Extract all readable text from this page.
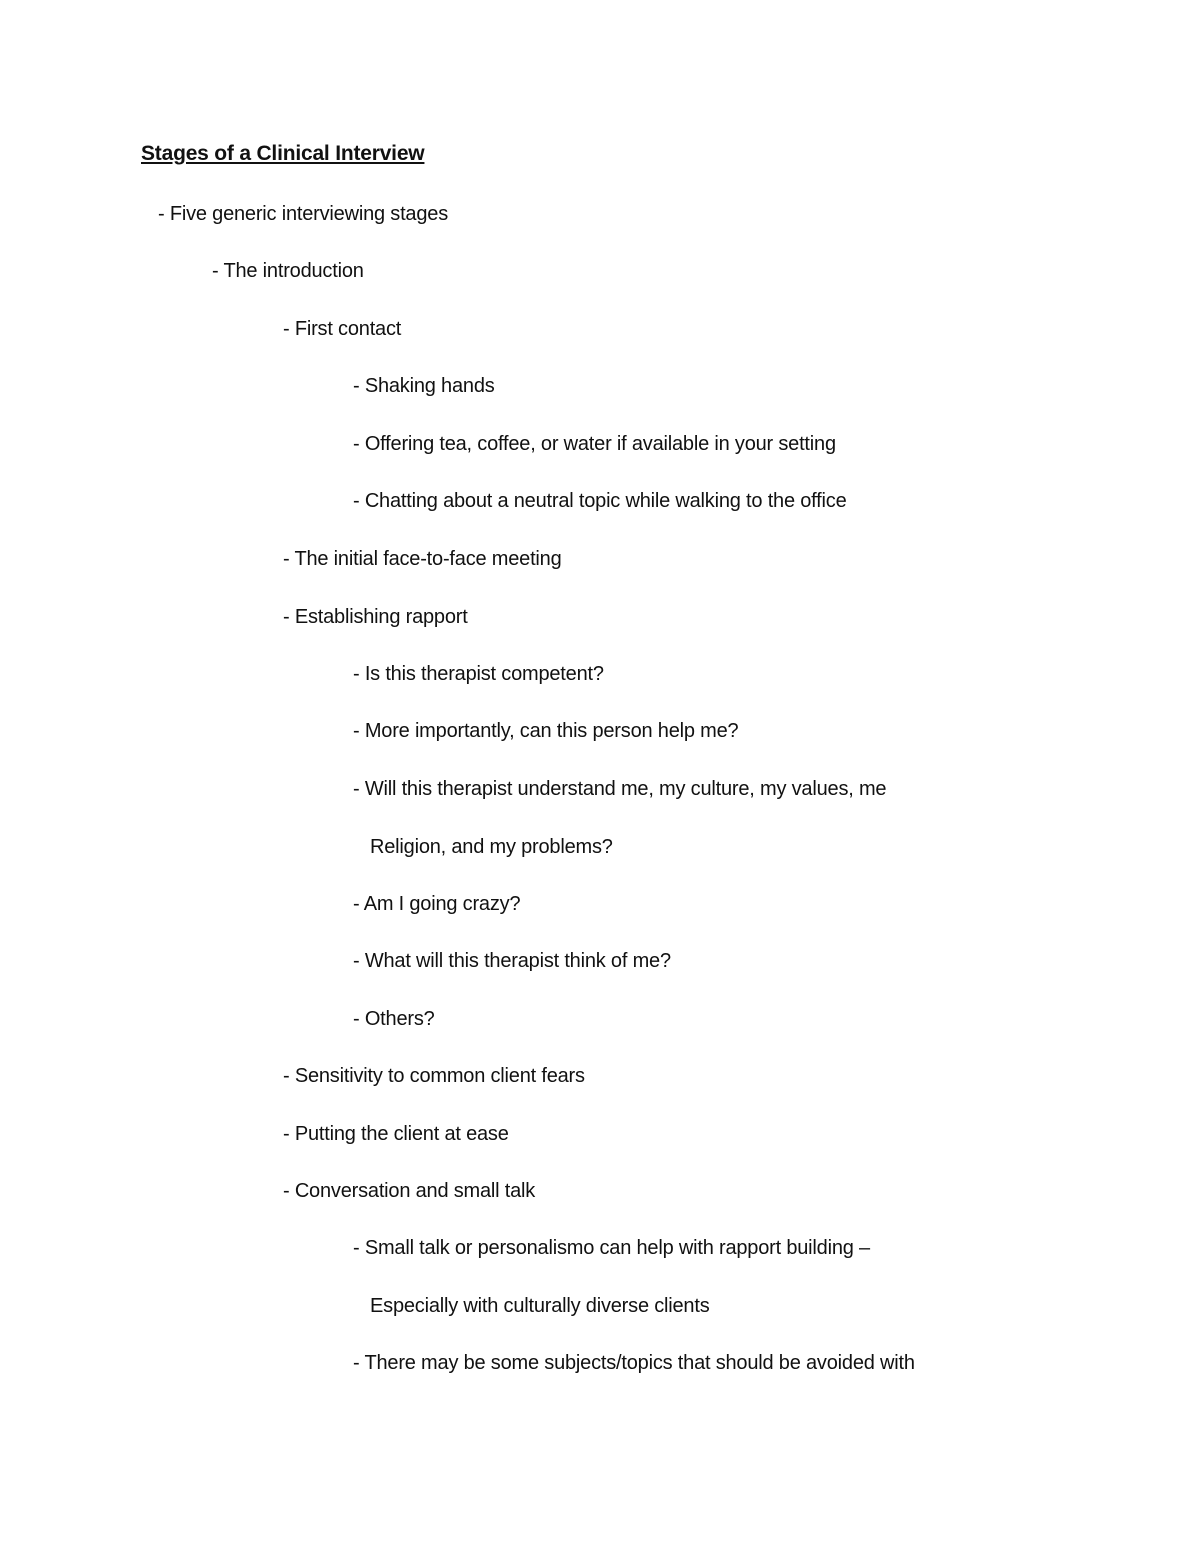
Stages of a Clinical Interview
- Five generic interviewing stages
- The introduction
- First contact
- Shaking hands
- Offering tea, coffee, or water if available in your setting
- Chatting about a neutral topic while walking to the office
- The initial face-to-face meeting
- Establishing rapport
- Is this therapist competent?
- More importantly, can this person help me?
- Will this therapist understand me, my culture, my values, me
Religion, and my problems?
- Am I going crazy?
- What will this therapist think of me?
- Others?
- Sensitivity to common client fears
- Putting the client at ease
- Conversation and small talk
- Small talk or personalismo can help with rapport building –
Especially with culturally diverse clients
- There may be some subjects/topics that should be avoided with
